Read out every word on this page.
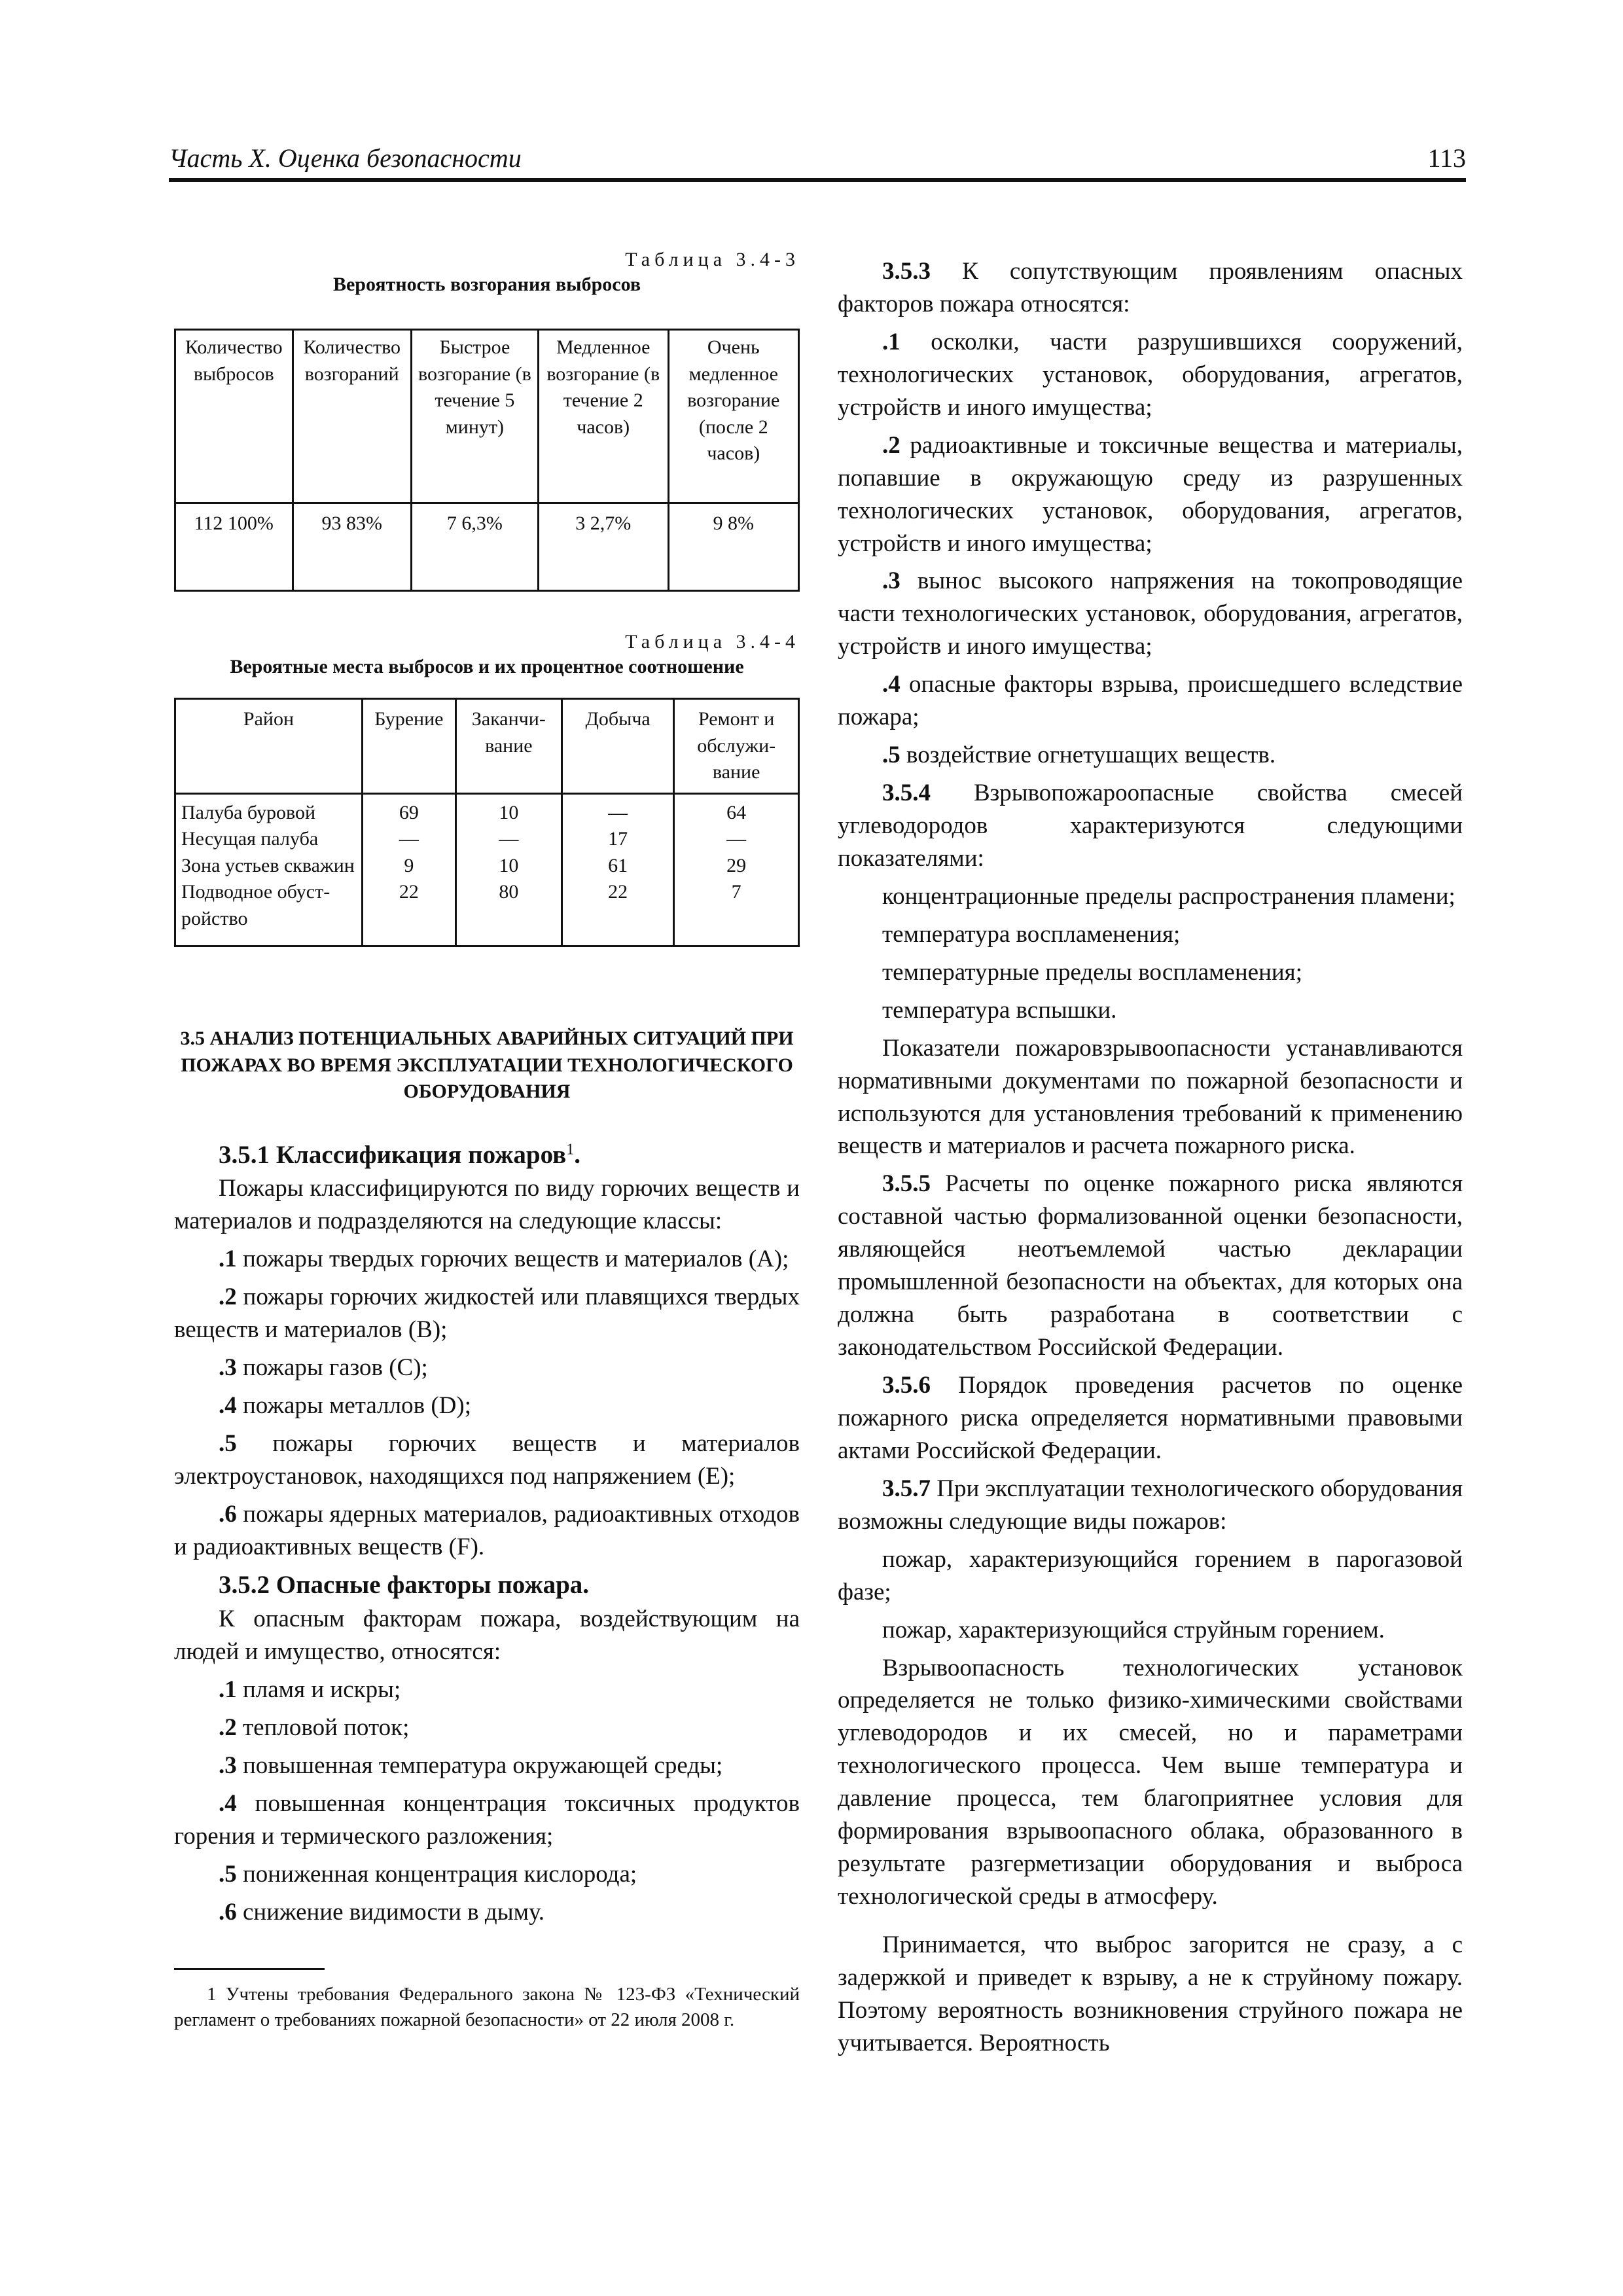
Часть X. Оценка безопасности	113
Таблица 3.4-3
Вероятность возгорания выбросов
Количество выбросов	Количество возгораний	Быстрое возгорание (в течение 5 минут)	Медленное возгорание (в течение 2 часов)	Очень медленное возгорание (после 2 часов)
112 100%	93 83%	7 6,3%	3 2,7%	9 8%
Таблица 3.4-4
Вероятные места выбросов и их процентное соотношение
Район	Бурение	Заканчи-вание	Добыча	Ремонт и обслужи-вание
Палуба буровой	69	10	—	64
Несущая палуба	—	—	17	—
Зона устьев скважин	9	10	61	29
Подводное обуст-ройство	22	80	22	7
3.5 АНАЛИЗ ПОТЕНЦИАЛЬНЫХ АВАРИЙНЫХ СИТУАЦИЙ ПРИ ПОЖАРАХ ВО ВРЕМЯ ЭКСПЛУАТАЦИИ ТЕХНОЛОГИЧЕСКОГО ОБОРУДОВАНИЯ

3.5.1 Классификация пожаров$^1$.

Пожары классифицируются по виду горючих веществ и материалов и подразделяются на следующие классы:

.1 пожары твердых горючих веществ и материалов (А);

.2 пожары горючих жидкостей или плавящихся твердых веществ и материалов (В);

.3 пожары газов (С);

.4 пожары металлов (D);

.5 пожары горючих веществ и материалов электроустановок, находящихся под напряжением (Е);

.6 пожары ядерных материалов, радиоактивных отходов и радиоактивных веществ (F).

3.5.2 Опасные факторы пожара.

К опасным факторам пожара, воздействующим на людей и имущество, относятся:

.1 пламя и искры;

.2 тепловой поток;

.3 повышенная температура окружающей среды;

.4 повышенная концентрация токсичных продуктов горения и термического разложения;

.5 пониженная концентрация кислорода;

.6 снижение видимости в дыму.

1 Учтены требования Федерального закона № 123-ФЗ «Технический регламент о требованиях пожарной безопасности» от 22 июля 2008 г.

3.5.3 К сопутствующим проявлениям опасных факторов пожара относятся:

.1 осколки, части разрушившихся сооружений, технологических установок, оборудования, агрегатов, устройств и иного имущества;

.2 радиоактивные и токсичные вещества и материалы, попавшие в окружающую среду из разрушенных технологических установок, оборудования, агрегатов, устройств и иного имущества;

.3 вынос высокого напряжения на токопроводящие части технологических установок, оборудования, агрегатов, устройств и иного имущества;

.4 опасные факторы взрыва, происшедшего вследствие пожара;

.5 воздействие огнетушащих веществ.

3.5.4 Взрывопожароопасные свойства смесей углеводородов характеризуются следующими показателями:

концентрационные пределы распространения пламени;

температура воспламенения;

температурные пределы воспламенения;

температура вспышки.

Показатели пожаровзрывоопасности устанавливаются нормативными документами по пожарной безопасности и используются для установления требований к применению веществ и материалов и расчета пожарного риска.

3.5.5 Расчеты по оценке пожарного риска являются составной частью формализованной оценки безопасности, являющейся неотъемлемой частью декларации промышленной безопасности на объектах, для которых она должна быть разработана в соответствии с законодательством Российской Федерации.

3.5.6 Порядок проведения расчетов по оценке пожарного риска определяется нормативными правовыми актами Российской Федерации.

3.5.7 При эксплуатации технологического оборудования возможны следующие виды пожаров:

пожар, характеризующийся горением в парогазовой фазе;

пожар, характеризующийся струйным горением.

Взрывоопасность технологических установок определяется не только физико-химическими свойствами углеводородов и их смесей, но и параметрами технологического процесса. Чем выше температура и давление процесса, тем благоприятнее условия для формирования взрывоопасного облака, образованного в результате разгерметизации оборудования и выброса технологической среды в атмосферу.

Принимается, что выброс загорится не сразу, а с задержкой и приведет к взрыву, а не к струйному пожару. Поэтому вероятность возникновения струйного пожара не учитывается. Вероятность
